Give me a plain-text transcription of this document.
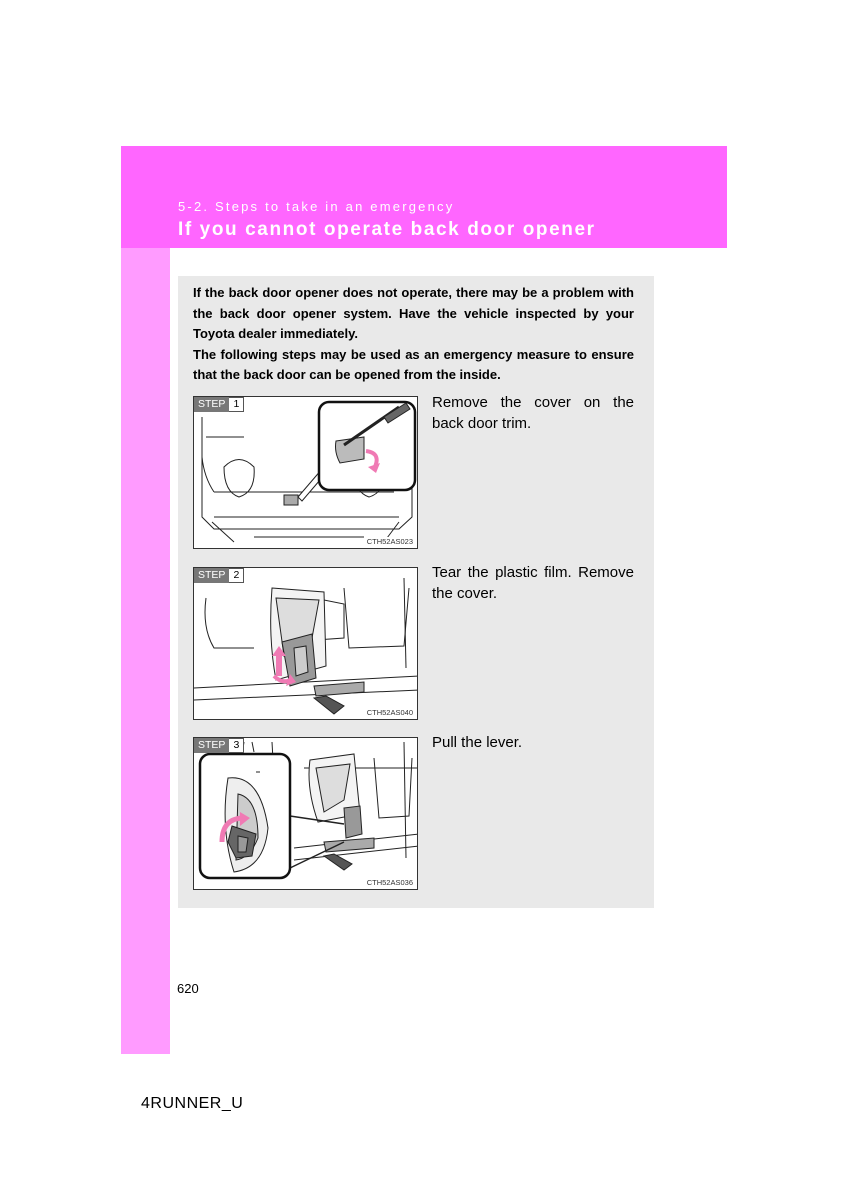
5-2. Steps to take in an emergency
If you cannot operate back door opener

If the back door opener does not operate, there may be a problem with the back door opener system. Have the vehicle inspected by your Toyota dealer immediately.

The following steps may be used as an emergency measure to ensure that the back door can be opened from the inside.

STEP 1
CTH52AS023
Remove the cover on the back door trim.
STEP 2
CTH52AS040
Tear the plastic film. Remove the cover.
STEP 3
CTH52AS036
Pull the lever.
620
4RUNNER_U
